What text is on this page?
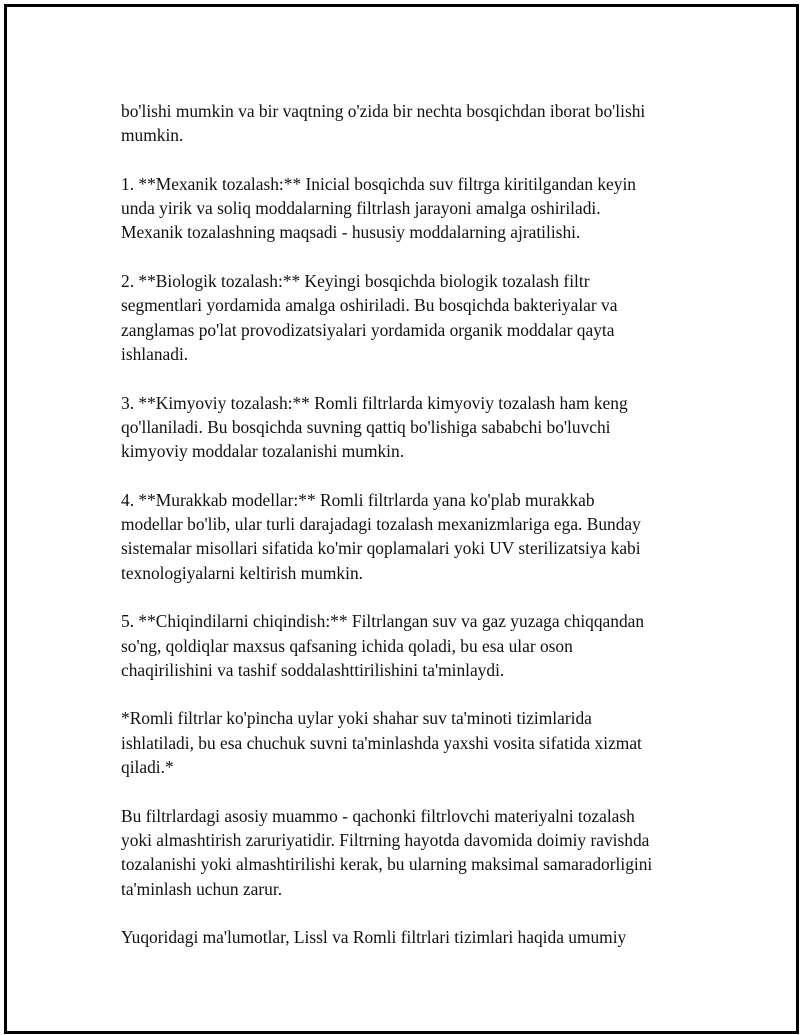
bo'lishi mumkin va bir vaqtning o'zida bir nechta bosqichdan iborat bo'lishi
mumkin.

1. **Mexanik tozalash:** Inicial bosqichda suv filtrga kiritilgandan keyin
unda yirik va soliq moddalarning filtrlash jarayoni amalga oshiriladi.
Mexanik tozalashning maqsadi - hususiy moddalarning ajratilishi.

2. **Biologik tozalash:** Keyingi bosqichda biologik tozalash filtr
segmentlari yordamida amalga oshiriladi. Bu bosqichda bakteriyalar va
zanglamas po'lat provodizatsiyalari yordamida organik moddalar qayta
ishlanadi.

3. **Kimyoviy tozalash:** Romli filtrlarda kimyoviy tozalash ham keng
qo'llaniladi. Bu bosqichda suvning qattiq bo'lishiga sababchi bo'luvchi
kimyoviy moddalar tozalanishi mumkin.

4. **Murakkab modellar:** Romli filtrlarda yana ko'plab murakkab
modellar bo'lib, ular turli darajadagi tozalash mexanizmlariga ega. Bunday
sistemalar misollari sifatida ko'mir qoplamalari yoki UV sterilizatsiya kabi
texnologiyalarni keltirish mumkin.

5. **Chiqindilarni chiqindish:** Filtrlangan suv va gaz yuzaga chiqqandan
so'ng, qoldiqlar maxsus qafsaning ichida qoladi, bu esa ular oson
chaqirilishini va tashif soddalashttirilishini ta'minlaydi.

*Romli filtrlar ko'pincha uylar yoki shahar suv ta'minoti tizimlarida
ishlatiladi, bu esa chuchuk suvni ta'minlashda yaxshi vosita sifatida xizmat
qiladi.*

Bu filtrlardagi asosiy muammo - qachonki filtrlovchi materiyalni tozalash
yoki almashtirish zaruriyatidir. Filtrning hayotda davomida doimiy ravishda
tozalanishi yoki almashtirilishi kerak, bu ularning maksimal samaradorligini
ta'minlash uchun zarur.

Yuqoridagi ma'lumotlar, Lissl va Romli filtrlari tizimlari haqida umumiy
